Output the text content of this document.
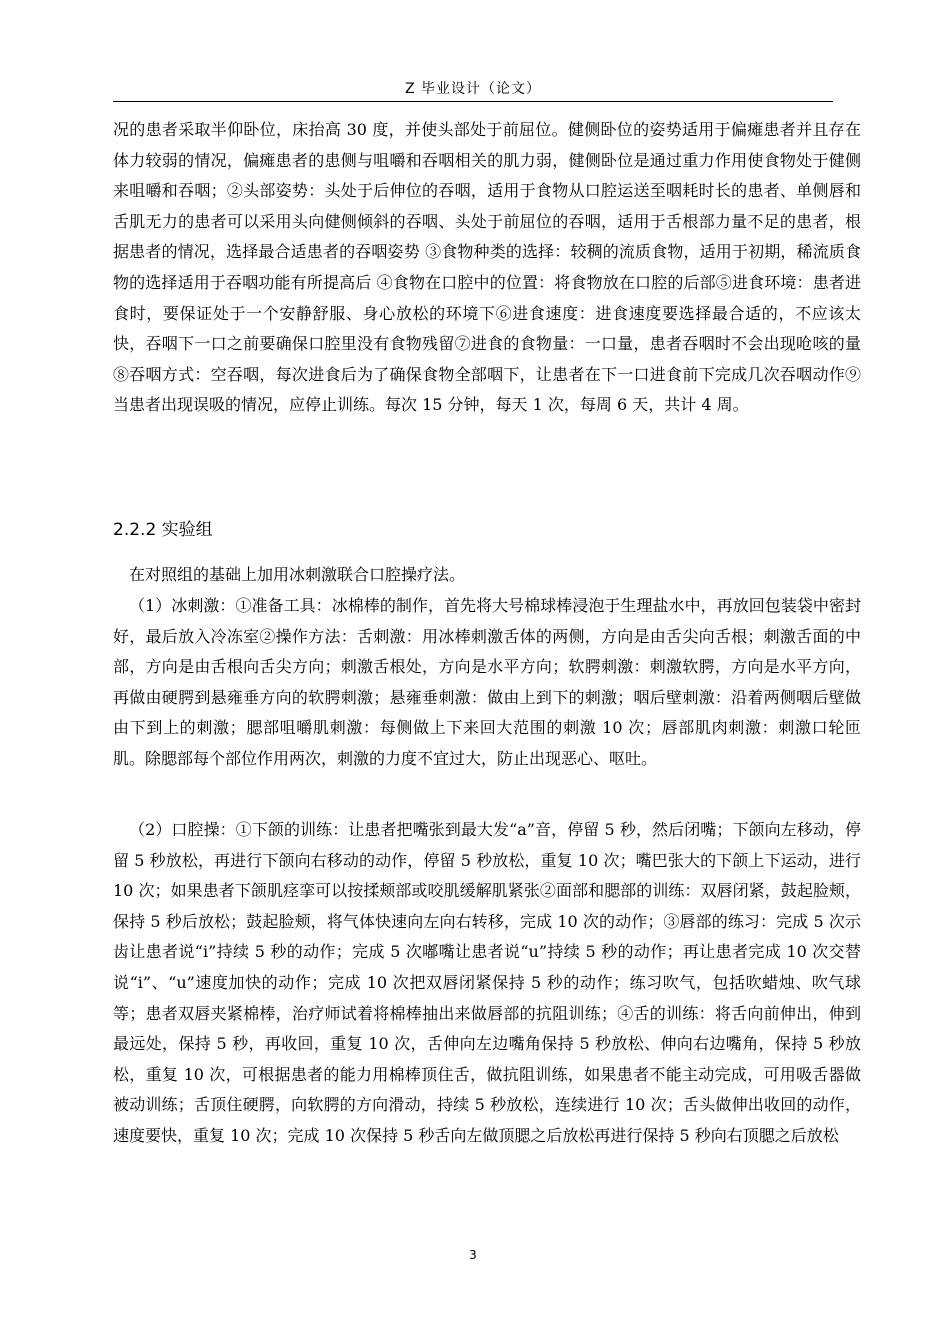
Z 毕业设计（论文）

况的患者采取半仰卧位，床抬高 30 度，并使头部处于前屈位。健侧卧位的姿势适用于偏瘫患者并且存在体力较弱的情况，偏瘫患者的患侧与咀嚼和吞咽相关的肌力弱，健侧卧位是通过重力作用使食物处于健侧来咀嚼和吞咽；②头部姿势：头处于后伸位的吞咽，适用于食物从口腔运送至咽耗时长的患者、单侧唇和舌肌无力的患者可以采用头向健侧倾斜的吞咽、头处于前屈位的吞咽，适用于舌根部力量不足的患者，根据患者的情况，选择最合适患者的吞咽姿势 ③食物种类的选择：较稠的流质食物，适用于初期，稀流质食物的选择适用于吞咽功能有所提高后 ④食物在口腔中的位置：将食物放在口腔的后部⑤进食环境：患者进食时，要保证处于一个安静舒服、身心放松的环境下⑥进食速度：进食速度要选择最合适的，不应该太快，吞咽下一口之前要确保口腔里没有食物残留⑦进食的食物量：一口量，患者吞咽时不会出现呛咳的量⑧吞咽方式：空吞咽，每次进食后为了确保食物全部咽下，让患者在下一口进食前下完成几次吞咽动作⑨当患者出现误吸的情况，应停止训练。每次 15 分钟，每天 1 次，每周 6 天，共计 4 周。

2.2.2 实验组

在对照组的基础上加用冰刺激联合口腔操疗法。

（1）冰刺激：①准备工具：冰棉棒的制作，首先将大号棉球棒浸泡于生理盐水中，再放回包装袋中密封好，最后放入冷冻室②操作方法：舌刺激：用冰棒刺激舌体的两侧，方向是由舌尖向舌根；刺激舌面的中部，方向是由舌根向舌尖方向；刺激舌根处，方向是水平方向；软腭刺激：刺激软腭，方向是水平方向，再做由硬腭到悬雍垂方向的软腭刺激；悬雍垂刺激：做由上到下的刺激；咽后壁刺激：沿着两侧咽后壁做由下到上的刺激；腮部咀嚼肌刺激：每侧做上下来回大范围的刺激 10 次；唇部肌肉刺激：刺激口轮匝肌。除腮部每个部位作用两次，刺激的力度不宜过大，防止出现恶心、呕吐。

（2）口腔操：①下颌的训练：让患者把嘴张到最大发“a”音，停留 5 秒，然后闭嘴；下颌向左移动，停留 5 秒放松，再进行下颌向右移动的动作，停留 5 秒放松，重复 10 次；嘴巴张大的下颌上下运动，进行 10 次；如果患者下颌肌痉挛可以按揉颊部或咬肌缓解肌紧张②面部和腮部的训练：双唇闭紧，鼓起脸颊，保持 5 秒后放松；鼓起脸颊，将气体快速向左向右转移，完成 10 次的动作；③唇部的练习：完成 5 次示齿让患者说“i”持续 5 秒的动作；完成 5 次嘟嘴让患者说“u”持续 5 秒的动作；再让患者完成 10 次交替说“i”、“u”速度加快的动作；完成 10 次把双唇闭紧保持 5 秒的动作；练习吹气，包括吹蜡烛、吹气球等；患者双唇夹紧棉棒，治疗师试着将棉棒抽出来做唇部的抗阻训练；④舌的训练：将舌向前伸出，伸到最远处，保持 5 秒，再收回，重复 10 次，舌伸向左边嘴角保持 5 秒放松、伸向右边嘴角，保持 5 秒放松，重复 10 次，可根据患者的能力用棉棒顶住舌，做抗阻训练，如果患者不能主动完成，可用吸舌器做被动训练；舌顶住硬腭，向软腭的方向滑动，持续 5 秒放松，连续进行 10 次；舌头做伸出收回的动作，速度要快，重复 10 次；完成 10 次保持 5 秒舌向左做顶腮之后放松再进行保持 5 秒向右顶腮之后放松

3
